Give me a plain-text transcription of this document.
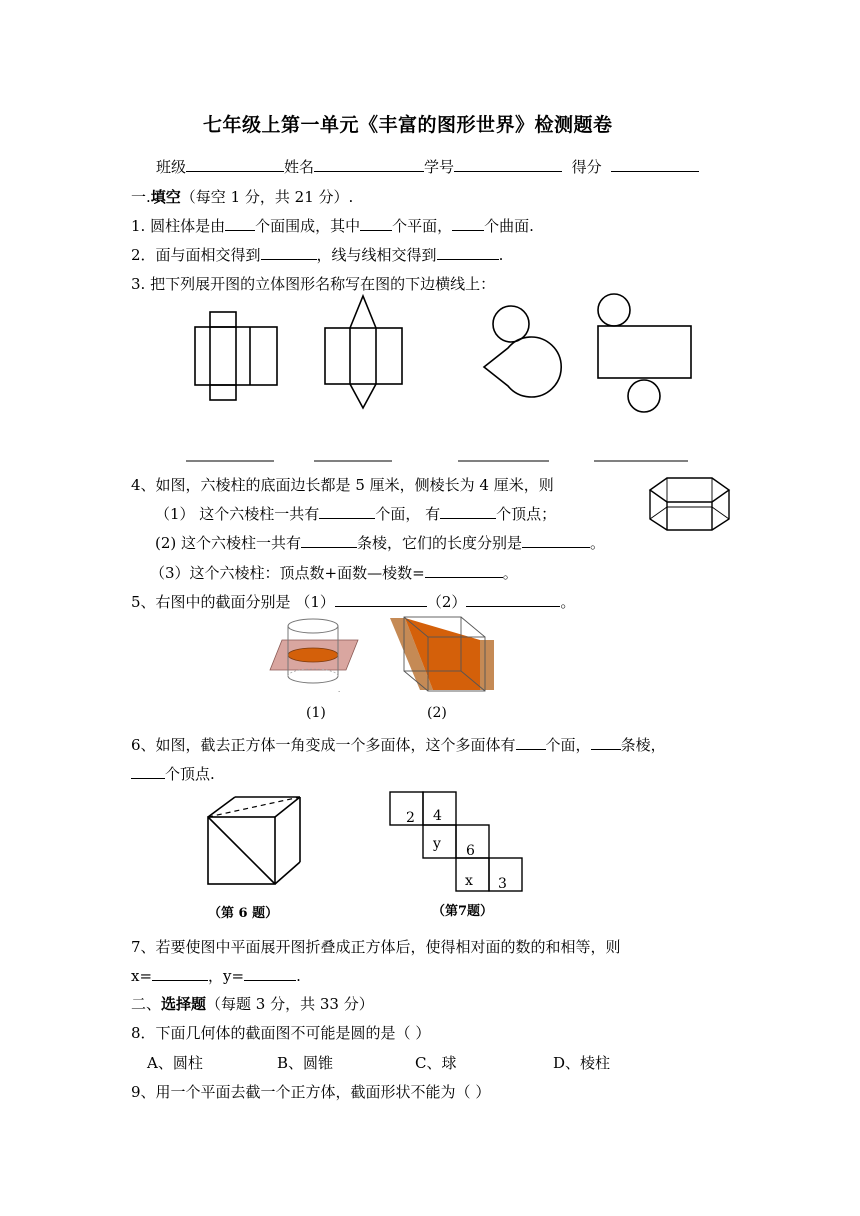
七年级上第一单元《丰富的图形世界》检测题卷
班级	姓名	学号	得分
一.填空（每空 1 分，共 21 分）.
1. 圆柱体是由 个面围成，其中 个平面， 个曲面.
2．面与面相交得到	，线与线相交得到	.
3. 把下列展开图的立体图形名称写在图的下边横线上：
4、如图，六棱柱的底面边长都是 5 厘米，侧棱长为 4 厘米，则
（1） 这个六棱柱一共有	个面， 有	个顶点；
(2) 这个六棱柱一共有	条棱，它们的长度分别是	。
（3）这个六棱柱：顶点数+面数—棱数=	。
5、右图中的截面分别是 （1）	（2）	。
·
(1)	(2)
6、如图，截去正方体一角变成一个多面体，这个多面体有 个面， 条棱，
个顶点.
（第 6 题）
2 4
y 6
x 3
（第7题）
7、若要使图中平面展开图折叠成正方体后，使得相对面的数的和相等，则
x=	，y=	.
二、选择题（每题 3 分，共 33 分）
8．下面几何体的截面图不可能是圆的是（ ）
A、圆柱	B、圆锥	C、球	D、棱柱
9、用一个平面去截一个正方体，截面形状不能为（ ）
